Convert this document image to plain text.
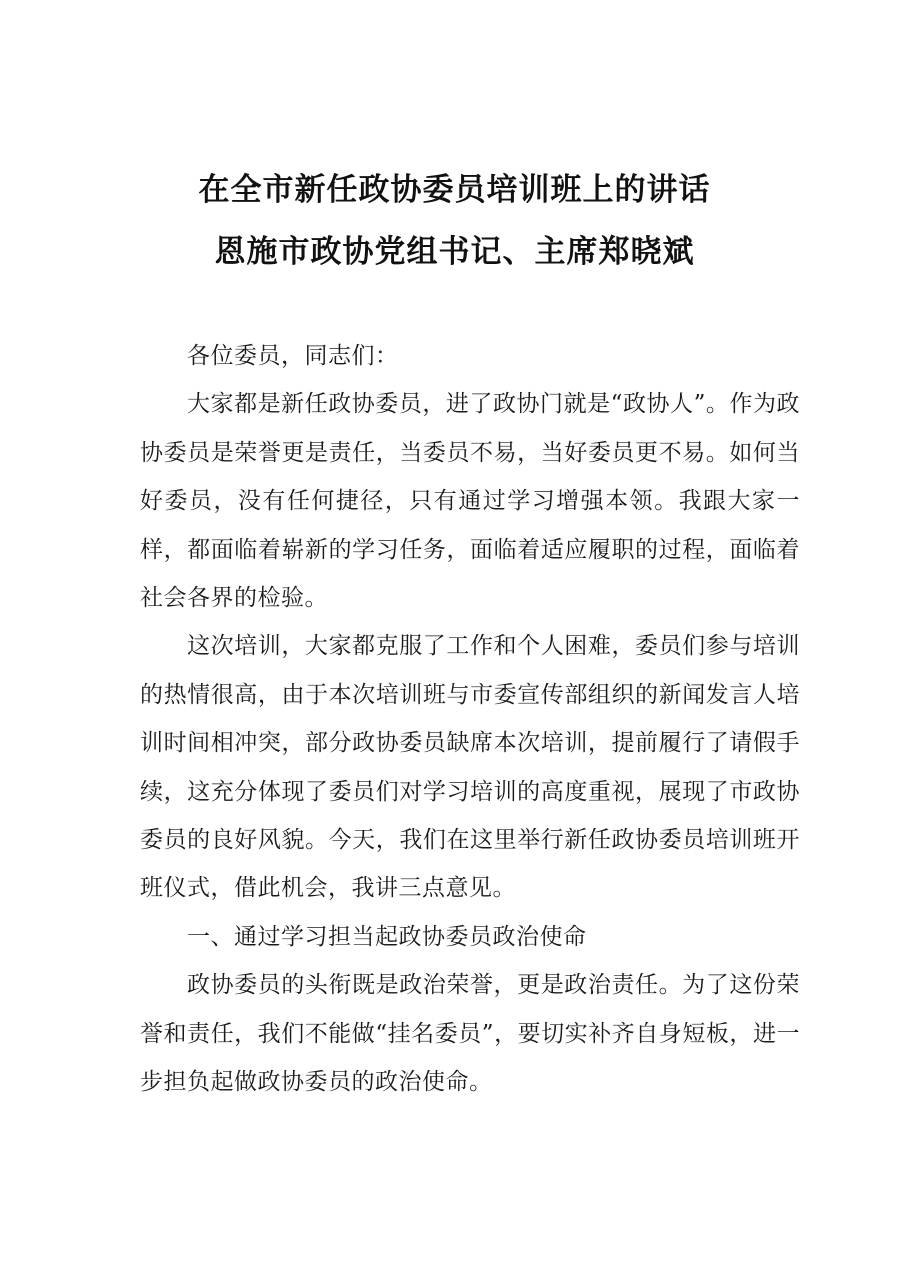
在全市新任政协委员培训班上的讲话
恩施市政协党组书记、主席郑晓斌

各位委员，同志们：

大家都是新任政协委员，进了政协门就是“政协人”。作为政协委员是荣誉更是责任，当委员不易，当好委员更不易。如何当好委员，没有任何捷径，只有通过学习增强本领。我跟大家一样，都面临着崭新的学习任务，面临着适应履职的过程，面临着社会各界的检验。

这次培训，大家都克服了工作和个人困难，委员们参与培训的热情很高，由于本次培训班与市委宣传部组织的新闻发言人培训时间相冲突，部分政协委员缺席本次培训，提前履行了请假手续，这充分体现了委员们对学习培训的高度重视，展现了市政协委员的良好风貌。今天，我们在这里举行新任政协委员培训班开班仪式，借此机会，我讲三点意见。

一、通过学习担当起政协委员政治使命

政协委员的头衔既是政治荣誉，更是政治责任。为了这份荣誉和责任，我们不能做“挂名委员”，要切实补齐自身短板，进一步担负起做政协委员的政治使命。
